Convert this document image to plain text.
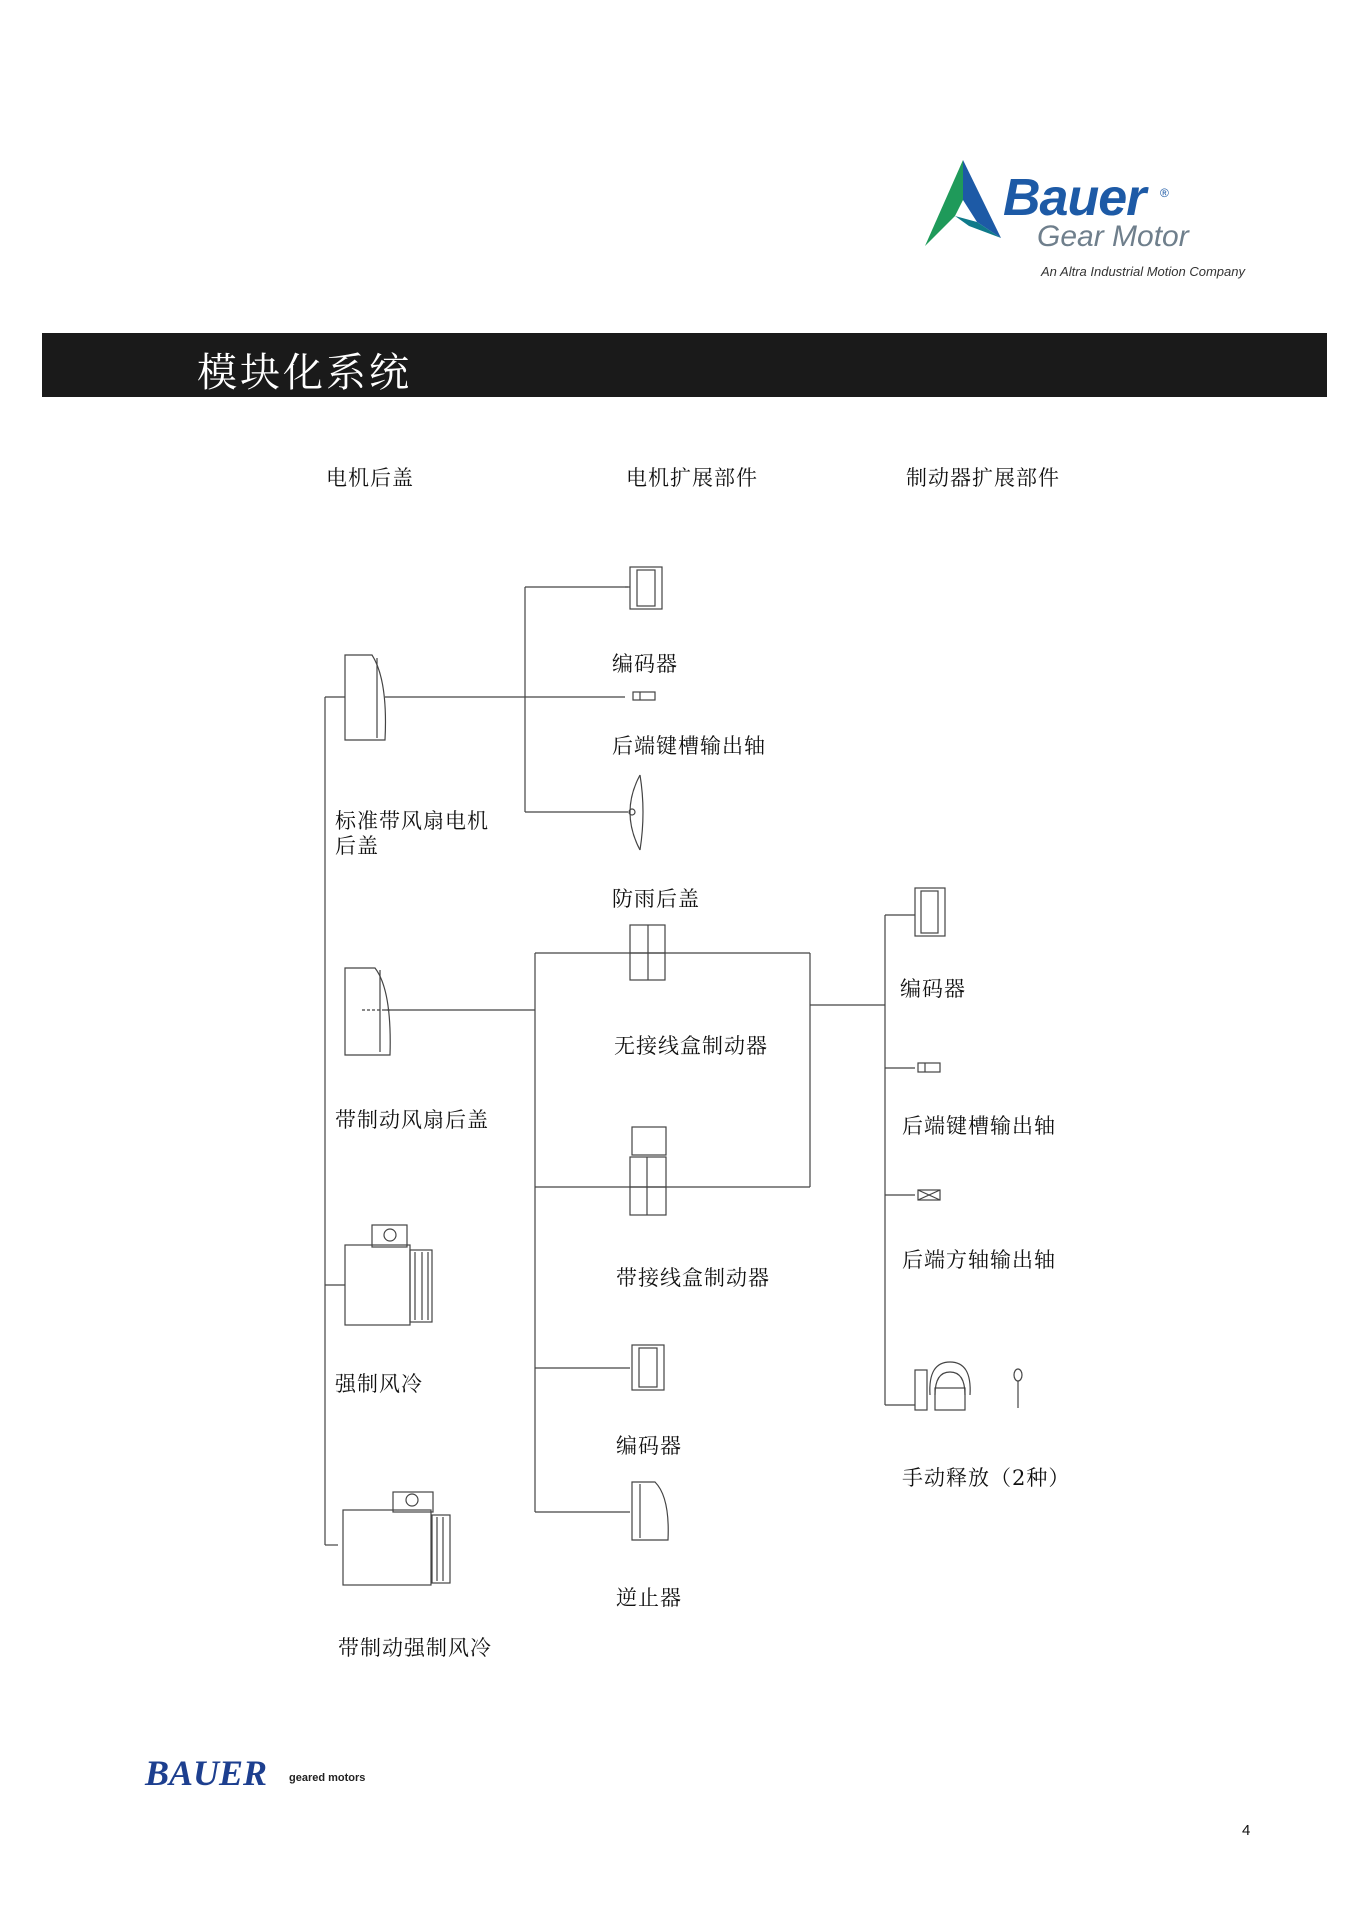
Bauer ®
Gear Motor
An Altra Industrial Motion Company
模块化系统
电机后盖	电机扩展部件	制动器扩展部件
标准带风扇电机
后盖
带制动风扇后盖
强制风冷
带制动强制风冷
编码器
后端键槽输出轴
防雨后盖
无接线盒制动器
带接线盒制动器
编码器
逆止器
编码器
后端键槽输出轴
后端方轴输出轴
手动释放（2种）
BAUER geared motors
4
